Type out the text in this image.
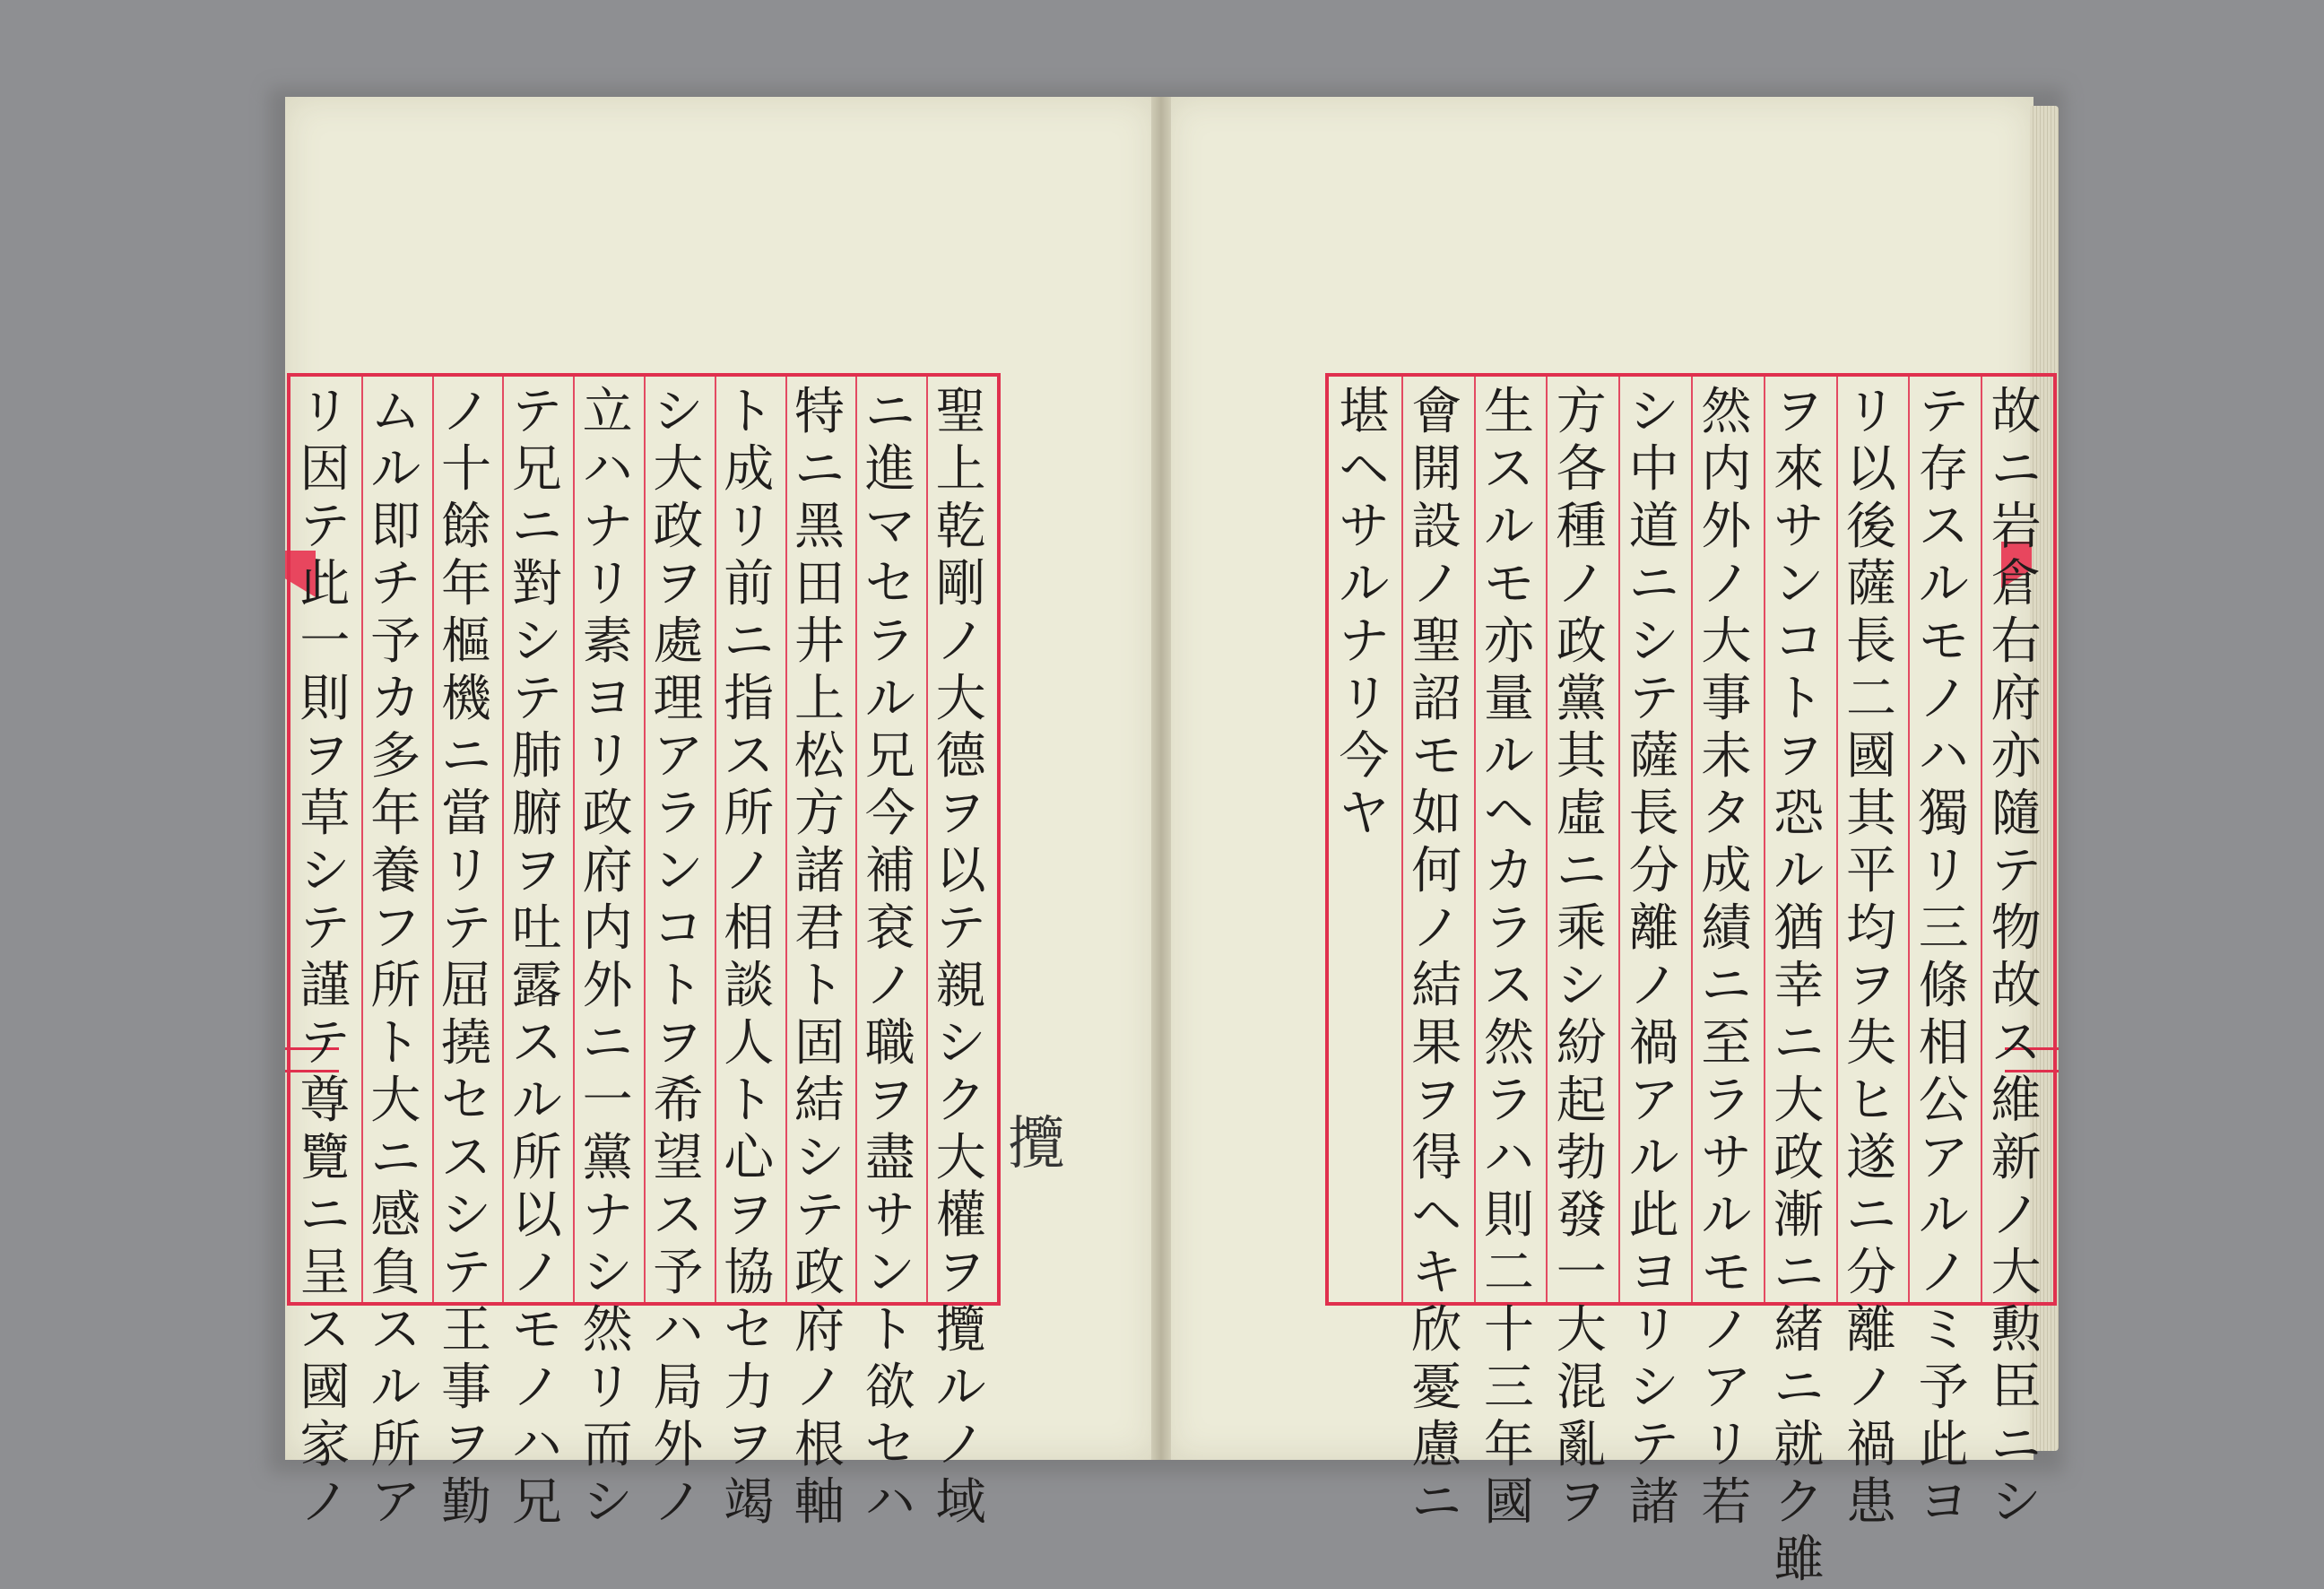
聖
上
乾
剛
ノ
大
德
ヲ
以
テ
親
シ
ク
大
權
ヲ
攬
ル
ノ
域
ニ
進
マ
セ
ラ
ル
兄
今
補
袞
ノ
職
ヲ
盡
サ
ン
ト
欲
セ
ハ
特
ニ
黑
田
井
上
松
方
諸
君
ト
固
結
シ
テ
政
府
ノ
根
軸
ト
成
リ
前
ニ
指
ス
所
ノ
相
談
人
ト
心
ヲ
協
セ
力
ヲ
竭
シ
大
政
ヲ
處
理
ア
ラ
ン
コ
ト
ヲ
希
望
ス
予
ハ
局
外
ノ
立
ハ
ナ
リ
素
ヨ
リ
政
府
内
外
ニ
一
黨
ナ
シ
然
リ
而
シ
テ
兄
ニ
對
シ
テ
肺
腑
ヲ
吐
露
ス
ル
所
以
ノ
モ
ノ
ハ
兄
ノ
十
餘
年
樞
機
ニ
當
リ
テ
屈
撓
セ
ス
シ
テ
王
事
ヲ
勤
ム
ル
即
チ
予
カ
多
年
養
フ
所
ト
大
ニ
感
負
ス
ル
所
ア
リ
因
テ
此
一
則
ヲ
草
シ
テ
謹
テ
尊
覽
ニ
呈
ス
國
家
ノ
故
ニ
岩
倉
右
府
亦
隨
テ
物
故
ス
維
新
ノ
大
勲
臣
ニ
シ
テ
存
ス
ル
モ
ノ
ハ
獨
リ
三
條
相
公
ア
ル
ノ
ミ
予
此
ヨ
リ
以
後
薩
長
二
國
其
平
均
ヲ
失
ヒ
遂
ニ
分
離
ノ
禍
患
ヲ
來
サ
ン
コ
ト
ヲ
恐
ル
猶
幸
ニ
大
政
漸
ニ
緒
ニ
就
ク
雖
然
内
外
ノ
大
事
未
タ
成
績
ニ
至
ラ
サ
ル
モ
ノ
ア
リ
若
シ
中
道
ニ
シ
テ
薩
長
分
離
ノ
禍
ア
ル
此
ヨ
リ
シ
テ
諸
方
各
種
ノ
政
黨
其
虛
ニ
乘
シ
紛
起
勃
發
一
大
混
亂
ヲ
生
ス
ル
モ
亦
量
ル
ヘ
カ
ラ
ス
然
ラ
ハ
則
二
十
三
年
國
會
開
設
ノ
聖
詔
モ
如
何
ノ
結
果
ヲ
得
ヘ
キ
欣
憂
慮
ニ
堪
ヘ
サ
ル
ナ
リ
今
ヤ
攬
